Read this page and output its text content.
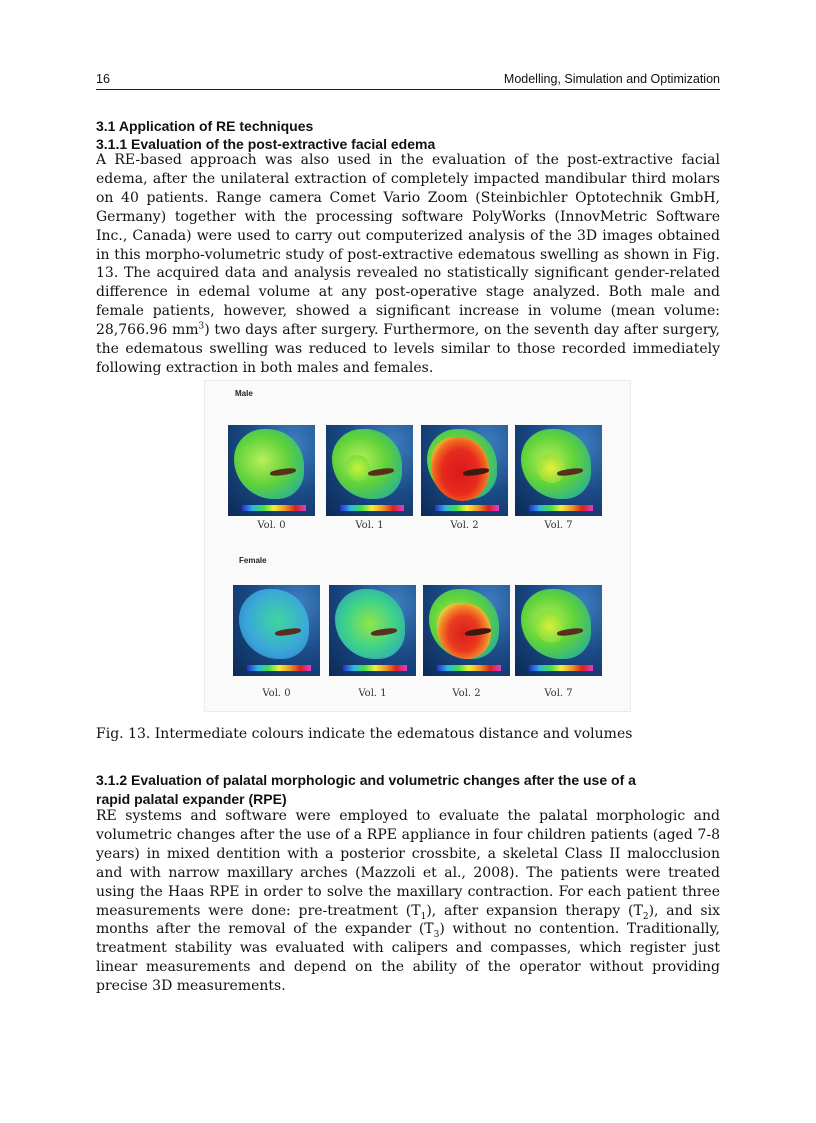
16	Modelling, Simulation and Optimization
3.1 Application of RE techniques
3.1.1 Evaluation of the post-extractive facial edema

A RE-based approach was also used in the evaluation of the post-extractive facial edema, after the unilateral extraction of completely impacted mandibular third molars on 40 patients. Range camera Comet Vario Zoom (Steinbichler Optotechnik GmbH, Germany) together with the processing software PolyWorks (InnovMetric Software Inc., Canada) were used to carry out computerized analysis of the 3D images obtained in this morpho-volumetric study of post-extractive edematous swelling as shown in Fig. 13. The acquired data and analysis revealed no statistically significant gender-related difference in edemal volume at any post-operative stage analyzed. Both male and female patients, however, showed a significant increase in volume (mean volume: 28,766.96 $mm^3$) two days after surgery. Furthermore, on the seventh day after surgery, the edematous swelling was reduced to levels similar to those recorded immediately following extraction in both males and females.

Male
Vol. 0	Vol. 1	Vol. 2	Vol. 7
Female
Vol. 0	Vol. 1	Vol. 2	Vol. 7
Fig. 13. Intermediate colours indicate the edematous distance and volumes
3.1.2 Evaluation of palatal morphologic and volumetric changes after the use of a
rapid palatal expander (RPE)

RE systems and software were employed to evaluate the palatal morphologic and volumetric changes after the use of a RPE appliance in four children patients (aged 7-8 years) in mixed dentition with a posterior crossbite, a skeletal Class II malocclusion and with narrow maxillary arches (Mazzoli et al., 2008). The patients were treated using the Haas RPE in order to solve the maxillary contraction. For each patient three measurements were done: pre-treatment $(T_1)$, after expansion therapy $(T_2)$, and six months after the removal of the expander $(T_3)$ without no contention. Traditionally, treatment stability was evaluated with calipers and compasses, which register just linear measurements and depend on the ability of the operator without providing precise 3D measurements.
